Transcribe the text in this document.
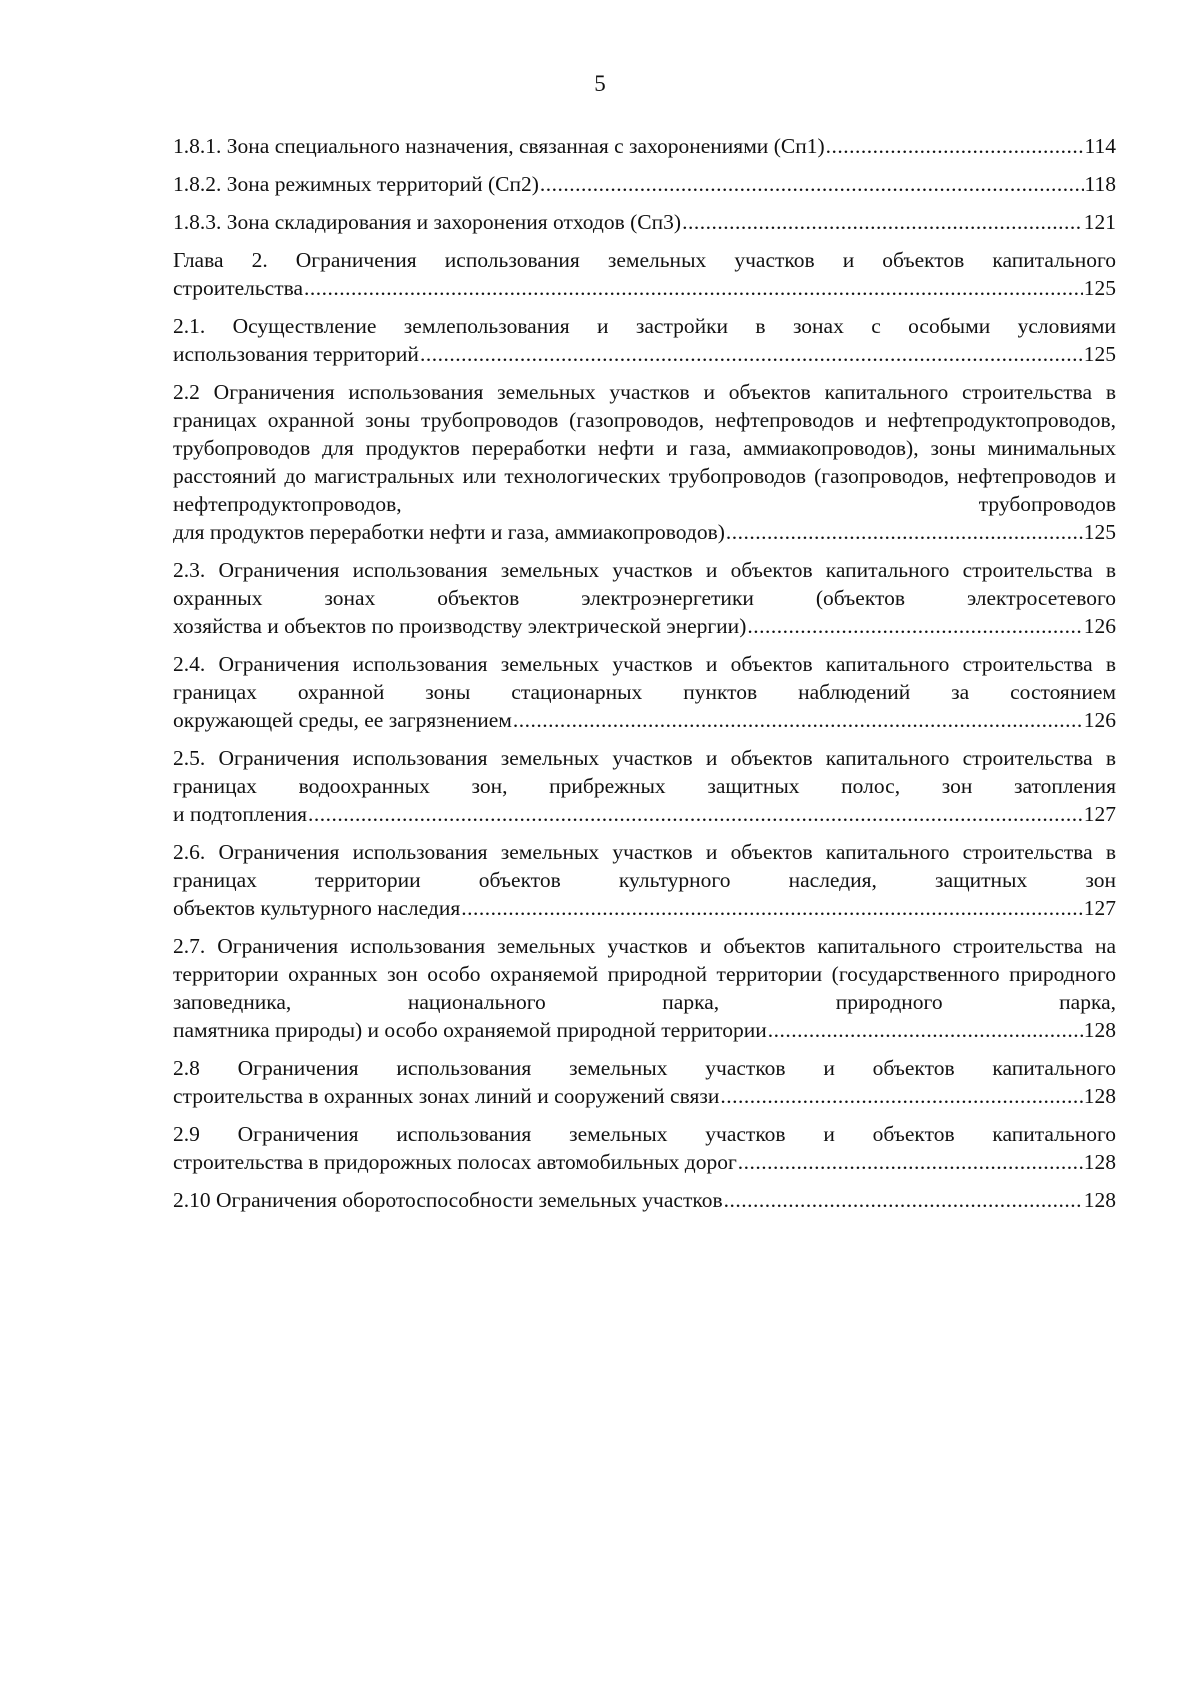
5
1.8.1. Зона специального назначения, связанная с захоронениями (Сп1) .....	114
1.8.2. Зона режимных территорий (Сп2) .....	118
1.8.3. Зона складирования и захоронения отходов (Сп3) .....	121
Глава 2. Ограничения использования земельных участков и объектов капитального
строительства .....	125
2.1. Осуществление землепользования и застройки в зонах с особыми условиями
использования территорий .....	125
2.2 Ограничения использования земельных участков и объектов капитального строительства в границах охранной зоны трубопроводов (газопроводов, нефтепроводов и нефтепродуктопроводов, трубопроводов для продуктов переработки нефти и газа, аммиакопроводов), зоны минимальных расстояний до магистральных или технологических трубопроводов (газопроводов, нефтепроводов и нефтепродуктопроводов, трубопроводов
для продуктов переработки нефти и газа, аммиакопроводов) .....	125
2.3. Ограничения использования земельных участков и объектов капитального строительства в охранных зонах объектов электроэнергетики (объектов электросетевого
хозяйства и объектов по производству электрической энергии) .....	126
2.4. Ограничения использования земельных участков и объектов капитального строительства в границах охранной зоны стационарных пунктов наблюдений за состоянием
окружающей среды, ее загрязнением .....	126
2.5. Ограничения использования земельных участков и объектов капитального строительства в границах водоохранных зон, прибрежных защитных полос, зон затопления
и подтопления .....	127
2.6. Ограничения использования земельных участков и объектов капитального строительства в границах территории объектов культурного наследия, защитных зон
объектов культурного наследия .....	127
2.7. Ограничения использования земельных участков и объектов капитального строительства на территории охранных зон особо охраняемой природной территории (государственного природного заповедника, национального парка, природного парка,
памятника природы) и особо охраняемой природной территории .....	128
2.8 Ограничения использования земельных участков и объектов капитального
строительства в охранных зонах линий и сооружений связи .....	128
2.9 Ограничения использования земельных участков и объектов капитального
строительства в придорожных полосах автомобильных дорог .....	128
2.10 Ограничения оборотоспособности земельных участков .....	128
